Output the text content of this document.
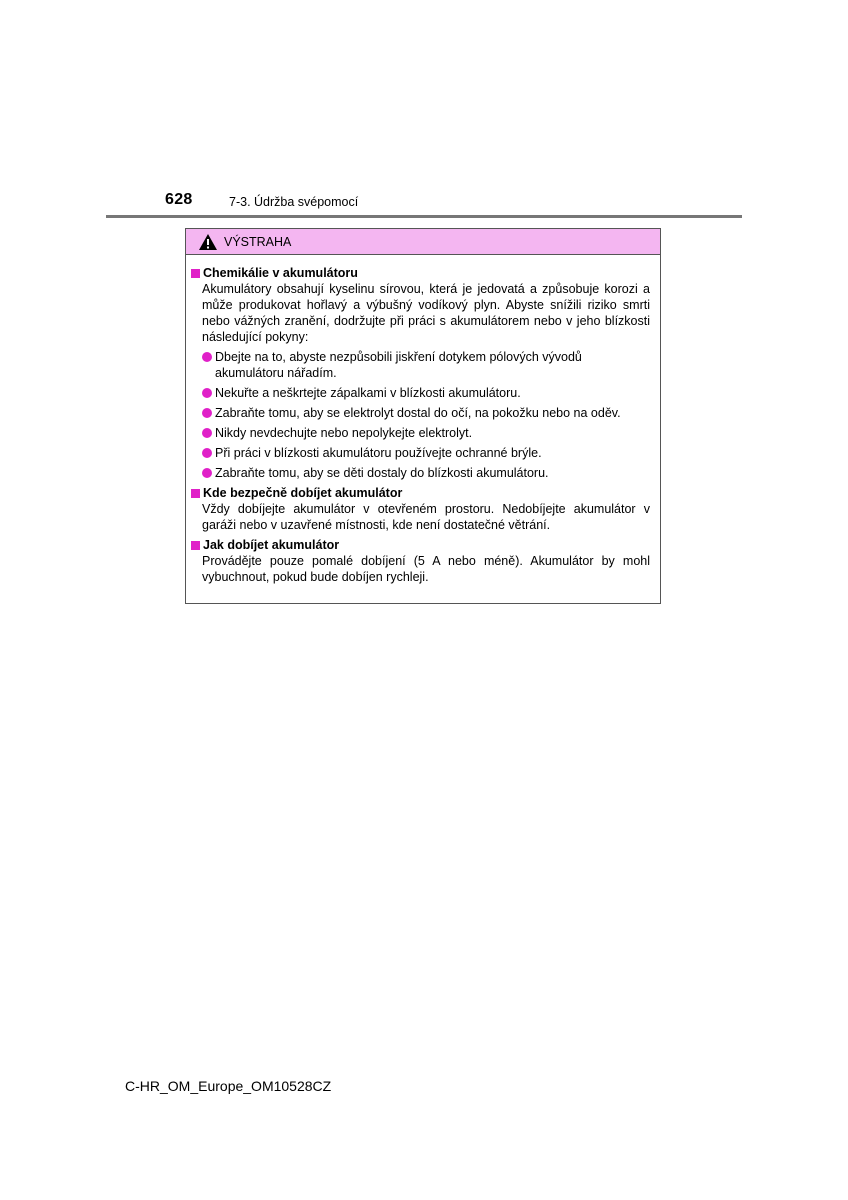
628	7-3. Údržba svépomocí
VÝSTRAHA
Chemikálie v akumulátoru
Akumulátory obsahují kyselinu sírovou, která je jedovatá a způsobuje korozi a může produkovat hořlavý a výbušný vodíkový plyn. Abyste snížili riziko smrti nebo vážných zranění, dodržujte při práci s akumulátorem nebo v jeho blízkosti následující pokyny:
Dbejte na to, abyste nezpůsobili jiskření dotykem pólových vývodů akumulátoru nářadím.
Nekuřte a neškrtejte zápalkami v blízkosti akumulátoru.
Zabraňte tomu, aby se elektrolyt dostal do očí, na pokožku nebo na oděv.
Nikdy nevdechujte nebo nepolykejte elektrolyt.
Při práci v blízkosti akumulátoru používejte ochranné brýle.
Zabraňte tomu, aby se děti dostaly do blízkosti akumulátoru.
Kde bezpečně dobíjet akumulátor
Vždy dobíjejte akumulátor v otevřeném prostoru. Nedobíjejte akumulátor v garáži nebo v uzavřené místnosti, kde není dostatečné větrání.
Jak dobíjet akumulátor
Provádějte pouze pomalé dobíjení (5 A nebo méně). Akumulátor by mohl vybuchnout, pokud bude dobíjen rychleji.
C-HR_OM_Europe_OM10528CZ
